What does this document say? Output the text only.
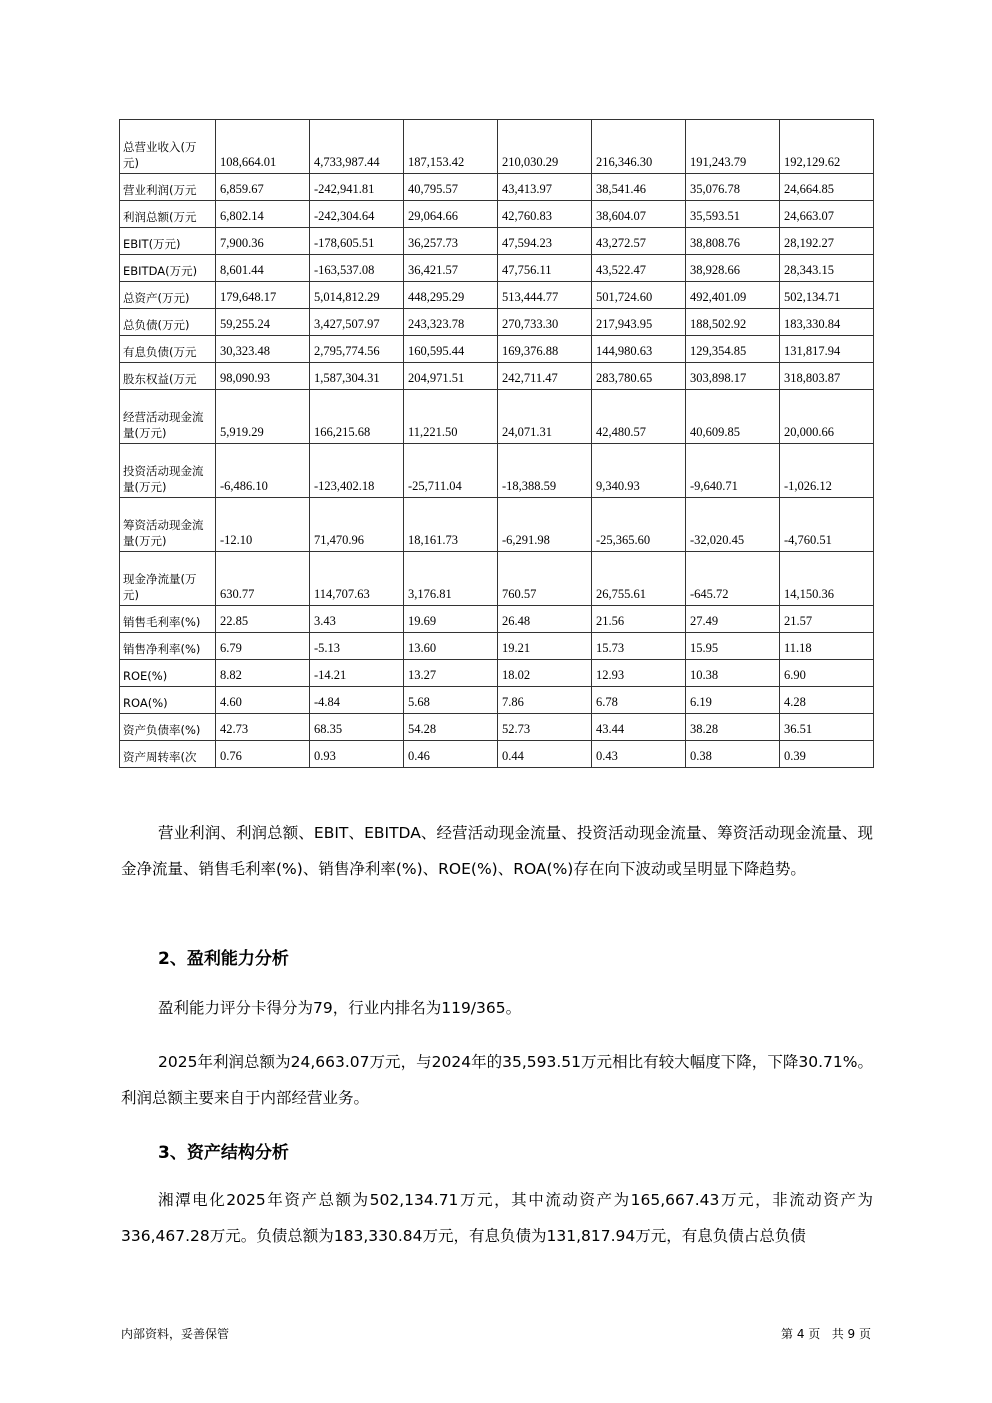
总营业收入(万元)	108,664.01	4,733,987.44	187,153.42	210,030.29	216,346.30	191,243.79	192,129.62
营业利润(万元	6,859.67	-242,941.81	40,795.57	43,413.97	38,541.46	35,076.78	24,664.85
利润总额(万元	6,802.14	-242,304.64	29,064.66	42,760.83	38,604.07	35,593.51	24,663.07
EBIT(万元)	7,900.36	-178,605.51	36,257.73	47,594.23	43,272.57	38,808.76	28,192.27
EBITDA(万元)	8,601.44	-163,537.08	36,421.57	47,756.11	43,522.47	38,928.66	28,343.15
总资产(万元)	179,648.17	5,014,812.29	448,295.29	513,444.77	501,724.60	492,401.09	502,134.71
总负债(万元)	59,255.24	3,427,507.97	243,323.78	270,733.30	217,943.95	188,502.92	183,330.84
有息负债(万元	30,323.48	2,795,774.56	160,595.44	169,376.88	144,980.63	129,354.85	131,817.94
股东权益(万元	98,090.93	1,587,304.31	204,971.51	242,711.47	283,780.65	303,898.17	318,803.87
经营活动现金流量(万元)	5,919.29	166,215.68	11,221.50	24,071.31	42,480.57	40,609.85	20,000.66
投资活动现金流量(万元)	-6,486.10	-123,402.18	-25,711.04	-18,388.59	9,340.93	-9,640.71	-1,026.12
筹资活动现金流量(万元)	-12.10	71,470.96	18,161.73	-6,291.98	-25,365.60	-32,020.45	-4,760.51
现金净流量(万元)	630.77	114,707.63	3,176.81	760.57	26,755.61	-645.72	14,150.36
销售毛利率(%)	22.85	3.43	19.69	26.48	21.56	27.49	21.57
销售净利率(%)	6.79	-5.13	13.60	19.21	15.73	15.95	11.18
ROE(%)	8.82	-14.21	13.27	18.02	12.93	10.38	6.90
ROA(%)	4.60	-4.84	5.68	7.86	6.78	6.19	4.28
资产负债率(%)	42.73	68.35	54.28	52.73	43.44	38.28	36.51
资产周转率(次	0.76	0.93	0.46	0.44	0.43	0.38	0.39

营业利润、利润总额、EBIT、EBITDA、经营活动现金流量、投资活动现金流量、筹资活动现金流量、现金净流量、销售毛利率(%)、销售净利率(%)、ROE(%)、ROA(%)存在向下波动或呈明显下降趋势。

2、盈利能力分析

盈利能力评分卡得分为79，行业内排名为119/365。

2025年利润总额为24,663.07万元，与2024年的35,593.51万元相比有较大幅度下降，下降30.71%。利润总额主要来自于内部经营业务。

3、资产结构分析

湘潭电化2025年资产总额为502,134.71万元，其中流动资产为165,667.43万元，非流动资产为336,467.28万元。负债总额为183,330.84万元，有息负债为131,817.94万元，有息负债占总负债

内部资料，妥善保管	第 4 页   共 9 页
